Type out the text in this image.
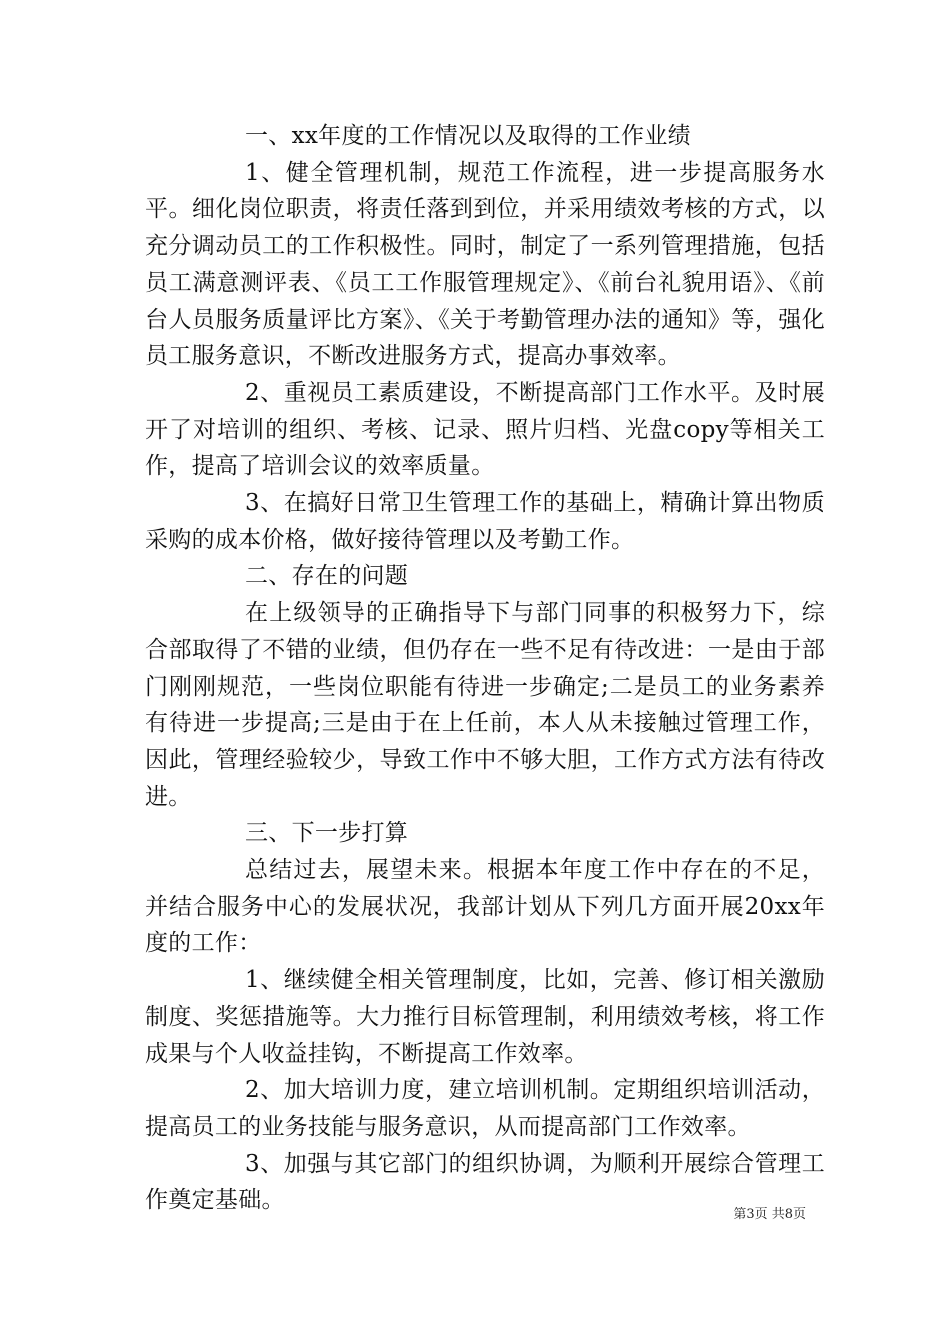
一、xx年度的工作情况以及取得的工作业绩

1、健全管理机制，规范工作流程，进一步提高服务水平。细化岗位职责，将责任落到到位，并采用绩效考核的方式，以充分调动员工的工作积极性。同时，制定了一系列管理措施，包括员工满意测评表、《员工工作服管理规定》、《前台礼貌用语》、《前台人员服务质量评比方案》、《关于考勤管理办法的通知》等，强化员工服务意识，不断改进服务方式，提高办事效率。

2、重视员工素质建设，不断提高部门工作水平。及时展开了对培训的组织、考核、记录、照片归档、光盘copy等相关工作，提高了培训会议的效率质量。

3、在搞好日常卫生管理工作的基础上，精确计算出物质采购的成本价格，做好接待管理以及考勤工作。

二、存在的问题

在上级领导的正确指导下与部门同事的积极努力下，综合部取得了不错的业绩，但仍存在一些不足有待改进：一是由于部门刚刚规范，一些岗位职能有待进一步确定;二是员工的业务素养有待进一步提高;三是由于在上任前，本人从未接触过管理工作，因此，管理经验较少，导致工作中不够大胆，工作方式方法有待改进。

三、下一步打算

总结过去，展望未来。根据本年度工作中存在的不足，并结合服务中心的发展状况，我部计划从下列几方面开展20xx年度的工作：

1、继续健全相关管理制度，比如，完善、修订相关激励制度、奖惩措施等。大力推行目标管理制，利用绩效考核，将工作成果与个人收益挂钩，不断提高工作效率。

2、加大培训力度，建立培训机制。定期组织培训活动，提高员工的业务技能与服务意识，从而提高部门工作效率。

3、加强与其它部门的组织协调，为顺利开展综合管理工作奠定基础。

第3页 共8页
